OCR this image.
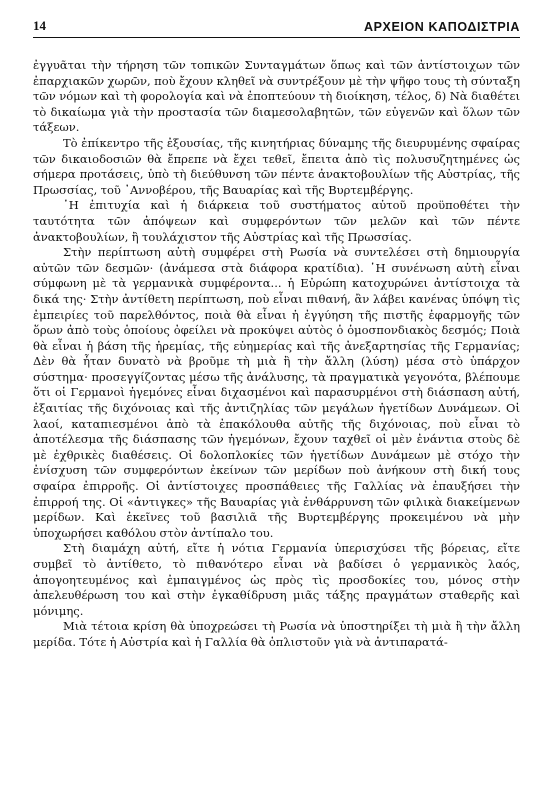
14	ΑΡΧΕΙΟΝ ΚΑΠΟΔΙΣΤΡΙΑ

ἐγγυᾶται τὴν τήρηση τῶν τοπικῶν Συνταγμάτων ὅπως καὶ τῶν ἀντίστοιχων τῶν ἐπαρχιακῶν χωρῶν, ποὺ ἔχουν κληθεῖ νὰ συντρέξουν μὲ τὴν ψῆφο τους τὴ σύνταξη τῶν νόμων καὶ τὴ φορολογία καὶ νὰ ἐποπτεύουν τὴ διοίκηση, τέλος, δ) Νὰ διαθέτει τὸ δικαίωμα γιὰ τὴν προστασία τῶν διαμεσολαβητῶν, τῶν εὐγενῶν καὶ ὅλων τῶν τάξεων.

Τὸ ἐπίκεντρο τῆς ἐξουσίας, τῆς κινητήριας δύναμης τῆς διευρυμένης σφαίρας τῶν δικαιοδοσιῶν θὰ ἔπρεπε νὰ ἔχει τεθεῖ, ἔπειτα ἀπὸ τὶς πολυσυζητημένες ὡς σήμερα προτάσεις, ὑπὸ τὴ διεύθυνση τῶν πέντε ἀνακτοβουλίων τῆς Αὐστρίας, τῆς Πρωσσίας, τοῦ ᾿Αννοβέρου, τῆς Βαυαρίας καὶ τῆς Βυρτεμβέργης.

῾Η ἐπιτυχία καὶ ἡ διάρκεια τοῦ συστήματος αὐτοῦ προϋποθέτει τὴν ταυτότητα τῶν ἀπόψεων καὶ συμφερόντων τῶν μελῶν καὶ τῶν πέντε ἀνακτοβουλίων, ἢ τουλάχιστον τῆς Αὐστρίας καὶ τῆς Πρωσσίας.

Στὴν περίπτωση αὐτὴ συμφέρει στὴ Ρωσία νὰ συντελέσει στὴ δημιουργία αὐτῶν τῶν δεσμῶν· (ἀνάμεσα στὰ διάφορα κρατίδια). ῾Η συνένωση αὐτὴ εἶναι σύμφωνη μὲ τὰ γερμανικὰ συμφέροντα... ἡ Εὐρώπη κατοχυρώνει ἀντίστοιχα τὰ δικά της· Στὴν ἀντίθετη περίπτωση, ποὺ εἶναι πιθανή, ἂν λάβει κανένας ὑπόψη τὶς ἐμπειρίες τοῦ παρελθόντος, ποιὰ θὰ εἶναι ἡ ἐγγύηση τῆς πιστῆς ἐφαρμογῆς τῶν ὅρων ἀπὸ τοὺς ὁποίους ὀφείλει νὰ προκύψει αὐτὸς ὁ ὁμοσπονδιακὸς δεσμός; Ποιὰ θὰ εἶναι ἡ βάση τῆς ἠρεμίας, τῆς εὐημερίας καὶ τῆς ἀνεξαρτησίας τῆς Γερμανίας; Δὲν θὰ ἦταν δυνατὸ νὰ βροῦμε τὴ μιὰ ἢ τὴν ἄλλη (λύση) μέσα στὸ ὑπάρχον σύστημα· προσεγγίζοντας μέσω τῆς ἀνάλυσης, τὰ πραγματικὰ γεγονότα, βλέπουμε ὅτι οἱ Γερμανοὶ ἡγεμόνες εἶναι διχασμένοι καὶ παρασυρμένοι στὴ διάσπαση αὐτή, ἐξαιτίας τῆς διχόνοιας καὶ τῆς ἀντιζηλίας τῶν μεγάλων ἡγετίδων Δυνάμεων. Οἱ λαοί, καταπιεσμένοι ἀπὸ τὰ ἐπακόλουθα αὐτῆς τῆς διχόνοιας, ποὺ εἶναι τὸ ἀποτέλεσμα τῆς διάσπασης τῶν ἡγεμόνων, ἔχουν ταχθεῖ οἱ μὲν ἐνάντια στοὺς δὲ μὲ ἐχθρικὲς διαθέσεις. Οἱ δολοπλοκίες τῶν ἡγετίδων Δυνάμεων μὲ στόχο τὴν ἐνίσχυση τῶν συμφερόντων ἐκείνων τῶν μερίδων ποὺ ἀνήκουν στὴ δική τους σφαίρα ἐπιρροῆς. Οἱ ἀντίστοιχες προσπάθειες τῆς Γαλλίας νὰ ἐπαυξήσει τὴν ἐπιρροή της. Οἱ «ἀντιγκες» τῆς Βαυαρίας γιὰ ἐνθάρρυνση τῶν φιλικὰ διακείμενων μερίδων. Καὶ ἐκεῖνες τοῦ βασιλιᾶ τῆς Βυρτεμβέργης προκειμένου νὰ μὴν ὑποχωρήσει καθόλου στὸν ἀντίπαλο του.

Στὴ διαμάχη αὐτή, εἴτε ἡ νότια Γερμανία ὑπερισχύσει τῆς βόρειας, εἴτε συμβεῖ τὸ ἀντίθετο, τὸ πιθανότερο εἶναι νὰ βαδίσει ὁ γερμανικὸς λαός, ἀπογοητευμένος καὶ ἐμπαιγμένος ὡς πρὸς τὶς προσδοκίες του, μόνος στὴν ἀπελευθέρωση του καὶ στὴν ἐγκαθίδρυση μιᾶς τάξης πραγμάτων σταθερῆς καὶ μόνιμης.

Μιὰ τέτοια κρίση θὰ ὑποχρεώσει τὴ Ρωσία νὰ ὑποστηρίξει τὴ μιὰ ἢ τὴν ἄλλη μερίδα. Τότε ἡ Αὐστρία καὶ ἡ Γαλλία θὰ ὁπλιστοῦν γιὰ νὰ ἀντιπαρατά-
